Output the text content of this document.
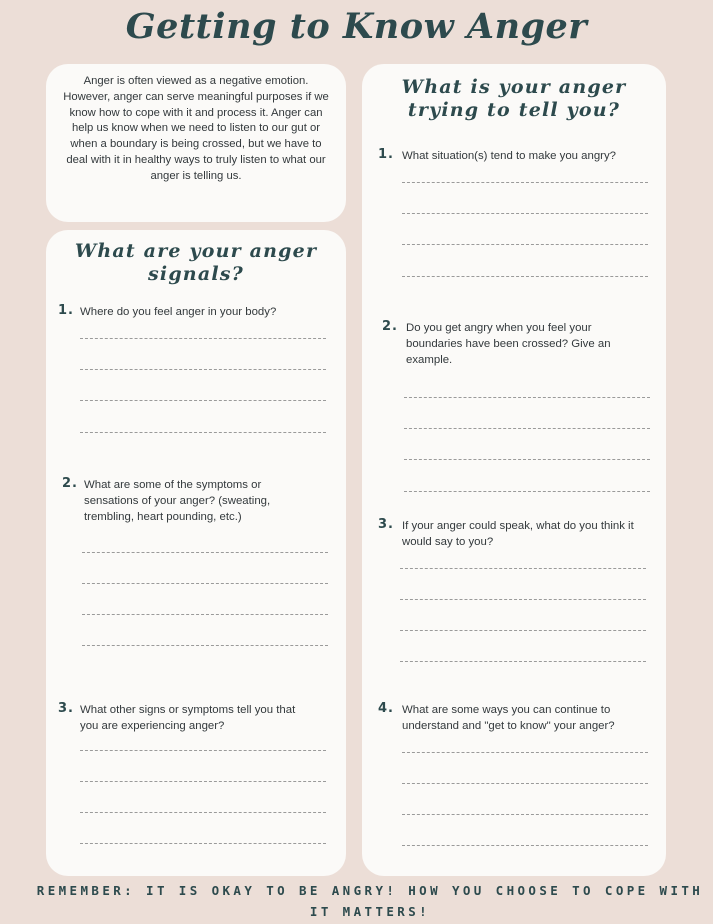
Getting to Know Anger

Anger is often viewed as a negative emotion. However, anger can serve meaningful purposes if we know how to cope with it and process it. Anger can help us know when we need to listen to our gut or when a boundary is being crossed, but we have to deal with it in healthy ways to truly listen to what our anger is telling us.

What are your anger
signals?
1. Where do you feel anger in your body?
2. What are some of the symptoms or sensations of your anger? (sweating, trembling, heart pounding, etc.)
3. What other signs or symptoms tell you that you are experiencing anger?
What is your anger
trying to tell you?
1. What situation(s) tend to make you angry?
2. Do you get angry when you feel your boundaries have been crossed? Give an example.
3. If your anger could speak, what do you think it would say to you?
4. What are some ways you can continue to understand and "get to know" your anger?
REMEMBER: IT IS OKAY TO BE ANGRY! HOW YOU CHOOSE TO COPE WITH IT MATTERS!
